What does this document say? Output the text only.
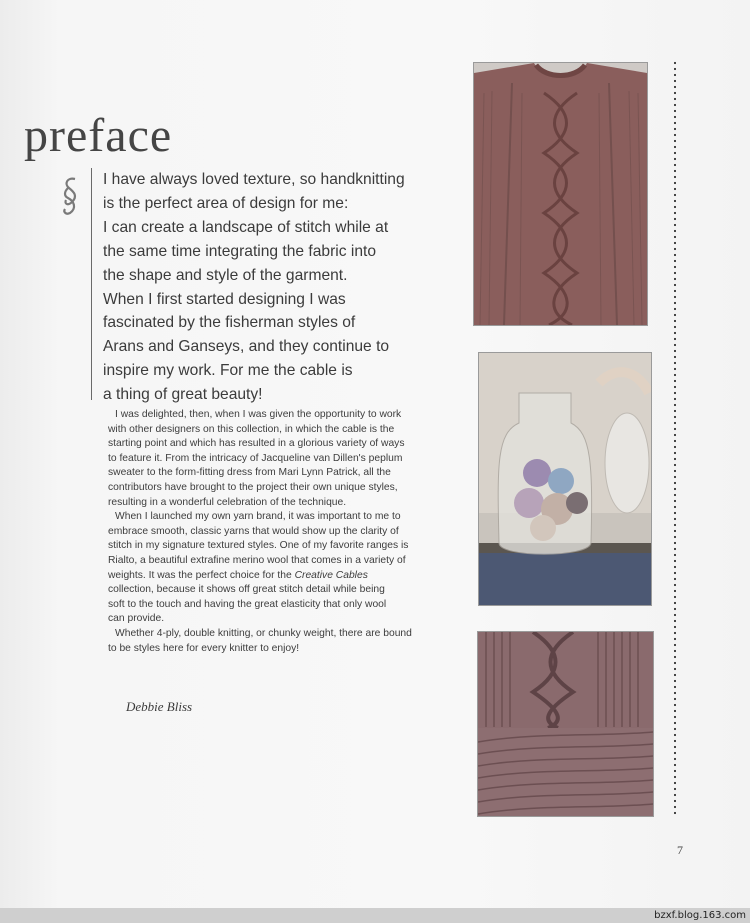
preface
I have always loved texture, so handknitting
is the perfect area of design for me:
I can create a landscape of stitch while at
the same time integrating the fabric into
the shape and style of the garment.
When I first started designing I was
fascinated by the fisherman styles of
Arans and Ganseys, and they continue to
inspire my work. For me the cable is
a thing of great beauty!
I was delighted, then, when I was given the opportunity to work
with other designers on this collection, in which the cable is the
starting point and which has resulted in a glorious variety of ways
to feature it. From the intricacy of Jacqueline van Dillen's peplum
sweater to the form-fitting dress from Mari Lynn Patrick, all the
contributors have brought to the project their own unique styles,
resulting in a wonderful celebration of the technique.
When I launched my own yarn brand, it was important to me to
embrace smooth, classic yarns that would show up the clarity of
stitch in my signature textured styles. One of my favorite ranges is
Rialto, a beautiful extrafine merino wool that comes in a variety of
weights. It was the perfect choice for the Creative Cables
collection, because it shows off great stitch detail while being
soft to the touch and having the great elasticity that only wool
can provide.
Whether 4-ply, double knitting, or chunky weight, there are bound
to be styles here for every knitter to enjoy!
Debbie Bliss
7
bzxf.blog.163.com
